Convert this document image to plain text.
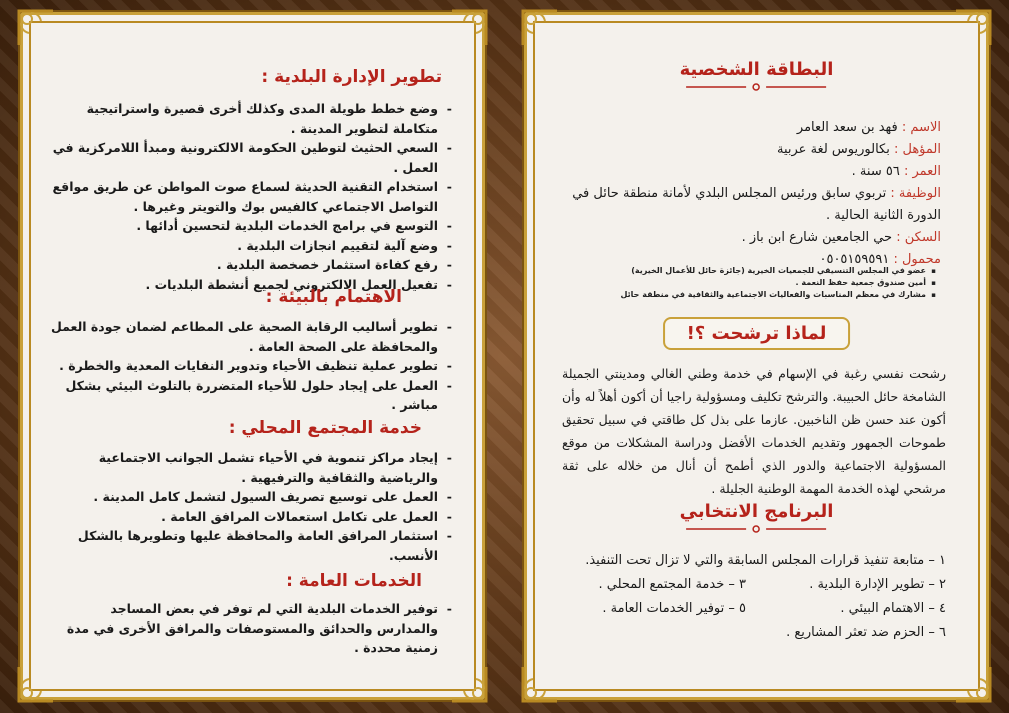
تطوير الإدارة البلدية :
- وضع خطط طويلة المدى وكذلك أخرى قصيرة واستراتيجية متكاملة لتطوير المدينة .
- السعي الحثيث لتوطين الحكومة الالكترونية ومبدأ اللامركزية في العمل .
- استخدام التقنية الحديثة لسماع صوت المواطن عن طريق مواقع التواصل الاجتماعي كالفيس بوك والتويتر وغيرها .
- التوسع في برامج الخدمات البلدية لتحسين أدائها .
- وضع آلية لتقييم انجازات البلدية .
- رفع كفاءة استثمار خصخصة البلدية .
- تفعيل العمل الالكتروني لجميع أنشطة البلديات .
الاهتمام بالبيئة :
- تطوير أساليب الرقابة الصحية على المطاعم لضمان جودة العمل والمحافظة على الصحة العامة .
- تطوير عملية تنظيف الأحياء وتدوير النفايات المعدية والخطرة .
- العمل على إيجاد حلول للأحياء المتضررة بالتلوث البيئي بشكل مباشر .
خدمة المجتمع المحلي :
- إيجاد مراكز تنموية في الأحياء تشمل الجوانب الاجتماعية والرياضية والثقافية والترفيهية .
- العمل على توسيع تصريف السيول لتشمل كامل المدينة .
- العمل على تكامل استعمالات المرافق العامة .
- استثمار المرافق العامة والمحافظة عليها وتطويرها بالشكل الأنسب.
الخدمات العامة :
- توفير الخدمات البلدية التي لم توفر في بعض المساجد والمدارس والحدائق والمستوصفات والمرافق الأخرى في مدة زمنية محددة .
البطاقة الشخصية
الاسم : فهد بن سعد العامر
المؤهل : بكالوريوس لغة عربية
العمر : ٥٦ سنة .
الوظيفة : تربوي سابق ورئيس المجلس البلدي لأمانة منطقة حائل في الدورة الثانية الحالية .
السكن : حي الجامعين شارع ابن باز .
محمول : ٠٥٠٥١٥٩٥٩١
▪ عضو في المجلس التنسيقي للجمعيات الخيرية (جائزة حائل للأعمال الخيرية)
▪ أمين صندوق جمعية حفظ النعمة .
▪ مشارك في معظم المناسبات والفعاليات الاجتماعية والثقافية في منطقة حائل
لماذا ترشحت ؟!
رشحت نفسي رغبة في الإسهام في خدمة وطني الغالي ومدينتي الجميلة الشامخة حائل الحبيبة. والترشح تكليف ومسؤولية راجيا أن أكون أهلاً له وأن أكون عند حسن ظن الناخبين. عازما على بذل كل طاقتي في سبيل تحقيق طموحات الجمهور وتقديم الخدمات الأفضل ودراسة المشكلات من موقع المسؤولية الاجتماعية والدور الذي أطمح أن أنال من خلاله على ثقة مرشحي لهذه الخدمة المهمة الوطنية الجليلة .
البرنامج الانتخابي
١ – متابعة تنفيذ قرارات المجلس السابقة والتي لا تزال تحت التنفيذ.
٢ – تطوير الإدارة البلدية .
٣ – خدمة المجتمع المحلي .
٤ – الاهتمام البيئي .
٥ – توفير الخدمات العامة .
٦ – الحزم ضد تعثر المشاريع .
